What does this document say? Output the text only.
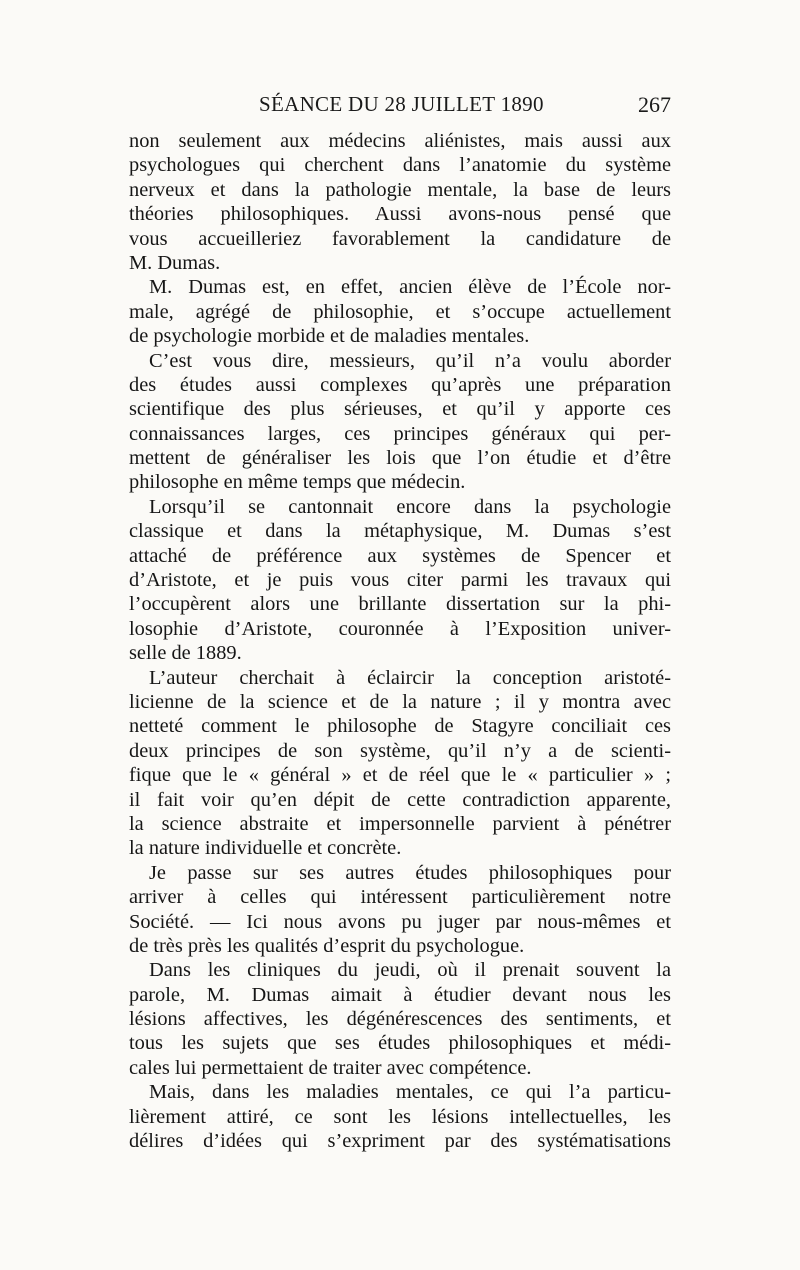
SÉANCE DU 28 JUILLET 1890	267
non seulement aux médecins aliénistes, mais aussi aux
psychologues qui cherchent dans l’anatomie du système
nerveux et dans la pathologie mentale, la base de leurs
théories philosophiques. Aussi avons-nous pensé que
vous accueilleriez favorablement la candidature de
M. Dumas.
M. Dumas est, en effet, ancien élève de l’École nor-
male, agrégé de philosophie, et s’occupe actuellement
de psychologie morbide et de maladies mentales.
C’est vous dire, messieurs, qu’il n’a voulu aborder
des études aussi complexes qu’après une préparation
scientifique des plus sérieuses, et qu’il y apporte ces
connaissances larges, ces principes généraux qui per-
mettent de généraliser les lois que l’on étudie et d’être
philosophe en même temps que médecin.
Lorsqu’il se cantonnait encore dans la psychologie
classique et dans la métaphysique, M. Dumas s’est
attaché de préférence aux systèmes de Spencer et
d’Aristote, et je puis vous citer parmi les travaux qui
l’occupèrent alors une brillante dissertation sur la phi-
losophie d’Aristote, couronnée à l’Exposition univer-
selle de 1889.
L’auteur cherchait à éclaircir la conception aristoté-
licienne de la science et de la nature ; il y montra avec
netteté comment le philosophe de Stagyre conciliait ces
deux principes de son système, qu’il n’y a de scienti-
fique que le « général » et de réel que le « particulier » ;
il fait voir qu’en dépit de cette contradiction apparente,
la science abstraite et impersonnelle parvient à pénétrer
la nature individuelle et concrète.
Je passe sur ses autres études philosophiques pour
arriver à celles qui intéressent particulièrement notre
Société. — Ici nous avons pu juger par nous-mêmes et
de très près les qualités d’esprit du psychologue.
Dans les cliniques du jeudi, où il prenait souvent la
parole, M. Dumas aimait à étudier devant nous les
lésions affectives, les dégénérescences des sentiments, et
tous les sujets que ses études philosophiques et médi-
cales lui permettaient de traiter avec compétence.
Mais, dans les maladies mentales, ce qui l’a particu-
lièrement attiré, ce sont les lésions intellectuelles, les
délires d’idées qui s’expriment par des systématisations
